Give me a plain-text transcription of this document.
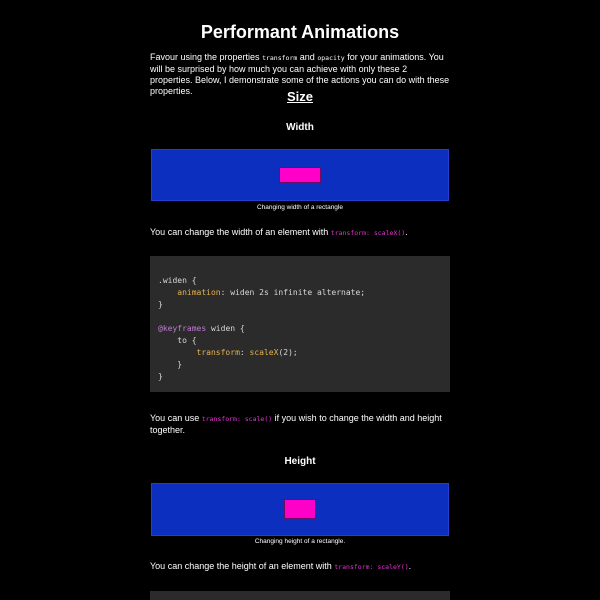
Performant Animations

Favour using the properties transform and opacity for your animations. You will be surprised by how much you can achieve with only these 2 properties. Below, I demonstrate some of the actions you can do with these properties.	Size
Width
Changing width of a rectangle

You can change the width of an element with transform: scaleX().

.widen {
animation: widen 2s infinite alternate;
}

@keyframes widen {
to {
transform: scaleX(2);
}
}

You can use transform: scale() if you wish to change the width and height together.

Height
Changing height of a rectangle.

You can change the height of an element with transform: scaleY().
